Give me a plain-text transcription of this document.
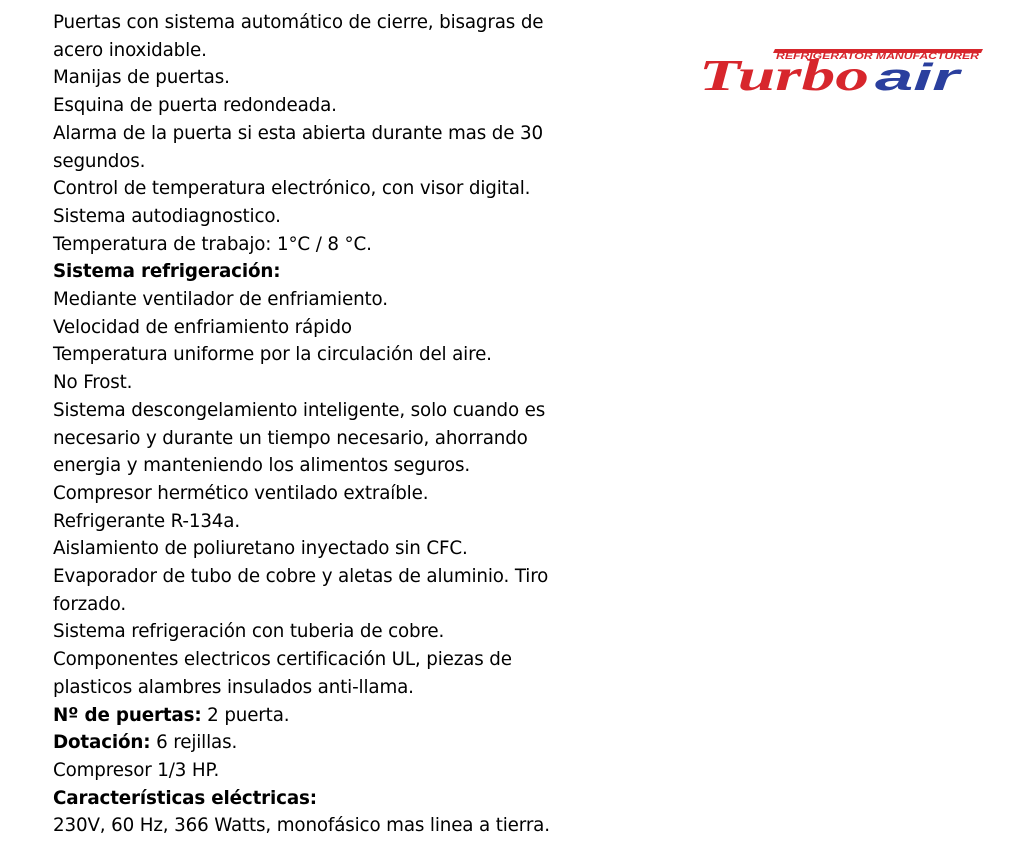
Puertas con sistema automático de cierre, bisagras de

acero inoxidable.

Manijas de puertas.

Esquina de puerta redondeada.

Alarma de la puerta si esta abierta durante mas de 30

segundos.

Control de temperatura electrónico, con visor digital.

Sistema autodiagnostico.

Temperatura de trabajo: 1°C / 8 °C.

Sistema refrigeración:

Mediante ventilador de enfriamiento.

Velocidad de enfriamiento rápido

Temperatura uniforme por la circulación del aire.

No Frost.

Sistema descongelamiento inteligente, solo cuando es

necesario y durante un tiempo necesario, ahorrando

energia y manteniendo los alimentos seguros.

Compresor hermético ventilado extraíble.

Refrigerante R-134a.

Aislamiento de poliuretano inyectado sin CFC.

Evaporador de tubo de cobre y aletas de aluminio. Tiro

forzado.

Sistema refrigeración con tuberia de cobre.

Componentes electricos certificación UL, piezas de

plasticos alambres insulados anti-llama.

Nº de puertas: 2 puerta.

Dotación: 6 rejillas.

Compresor 1/3 HP.

Características eléctricas:

230V, 60 Hz, 366 Watts, monofásico mas linea a tierra.

REFRIGERATOR MANUFACTURER
Turbo air
